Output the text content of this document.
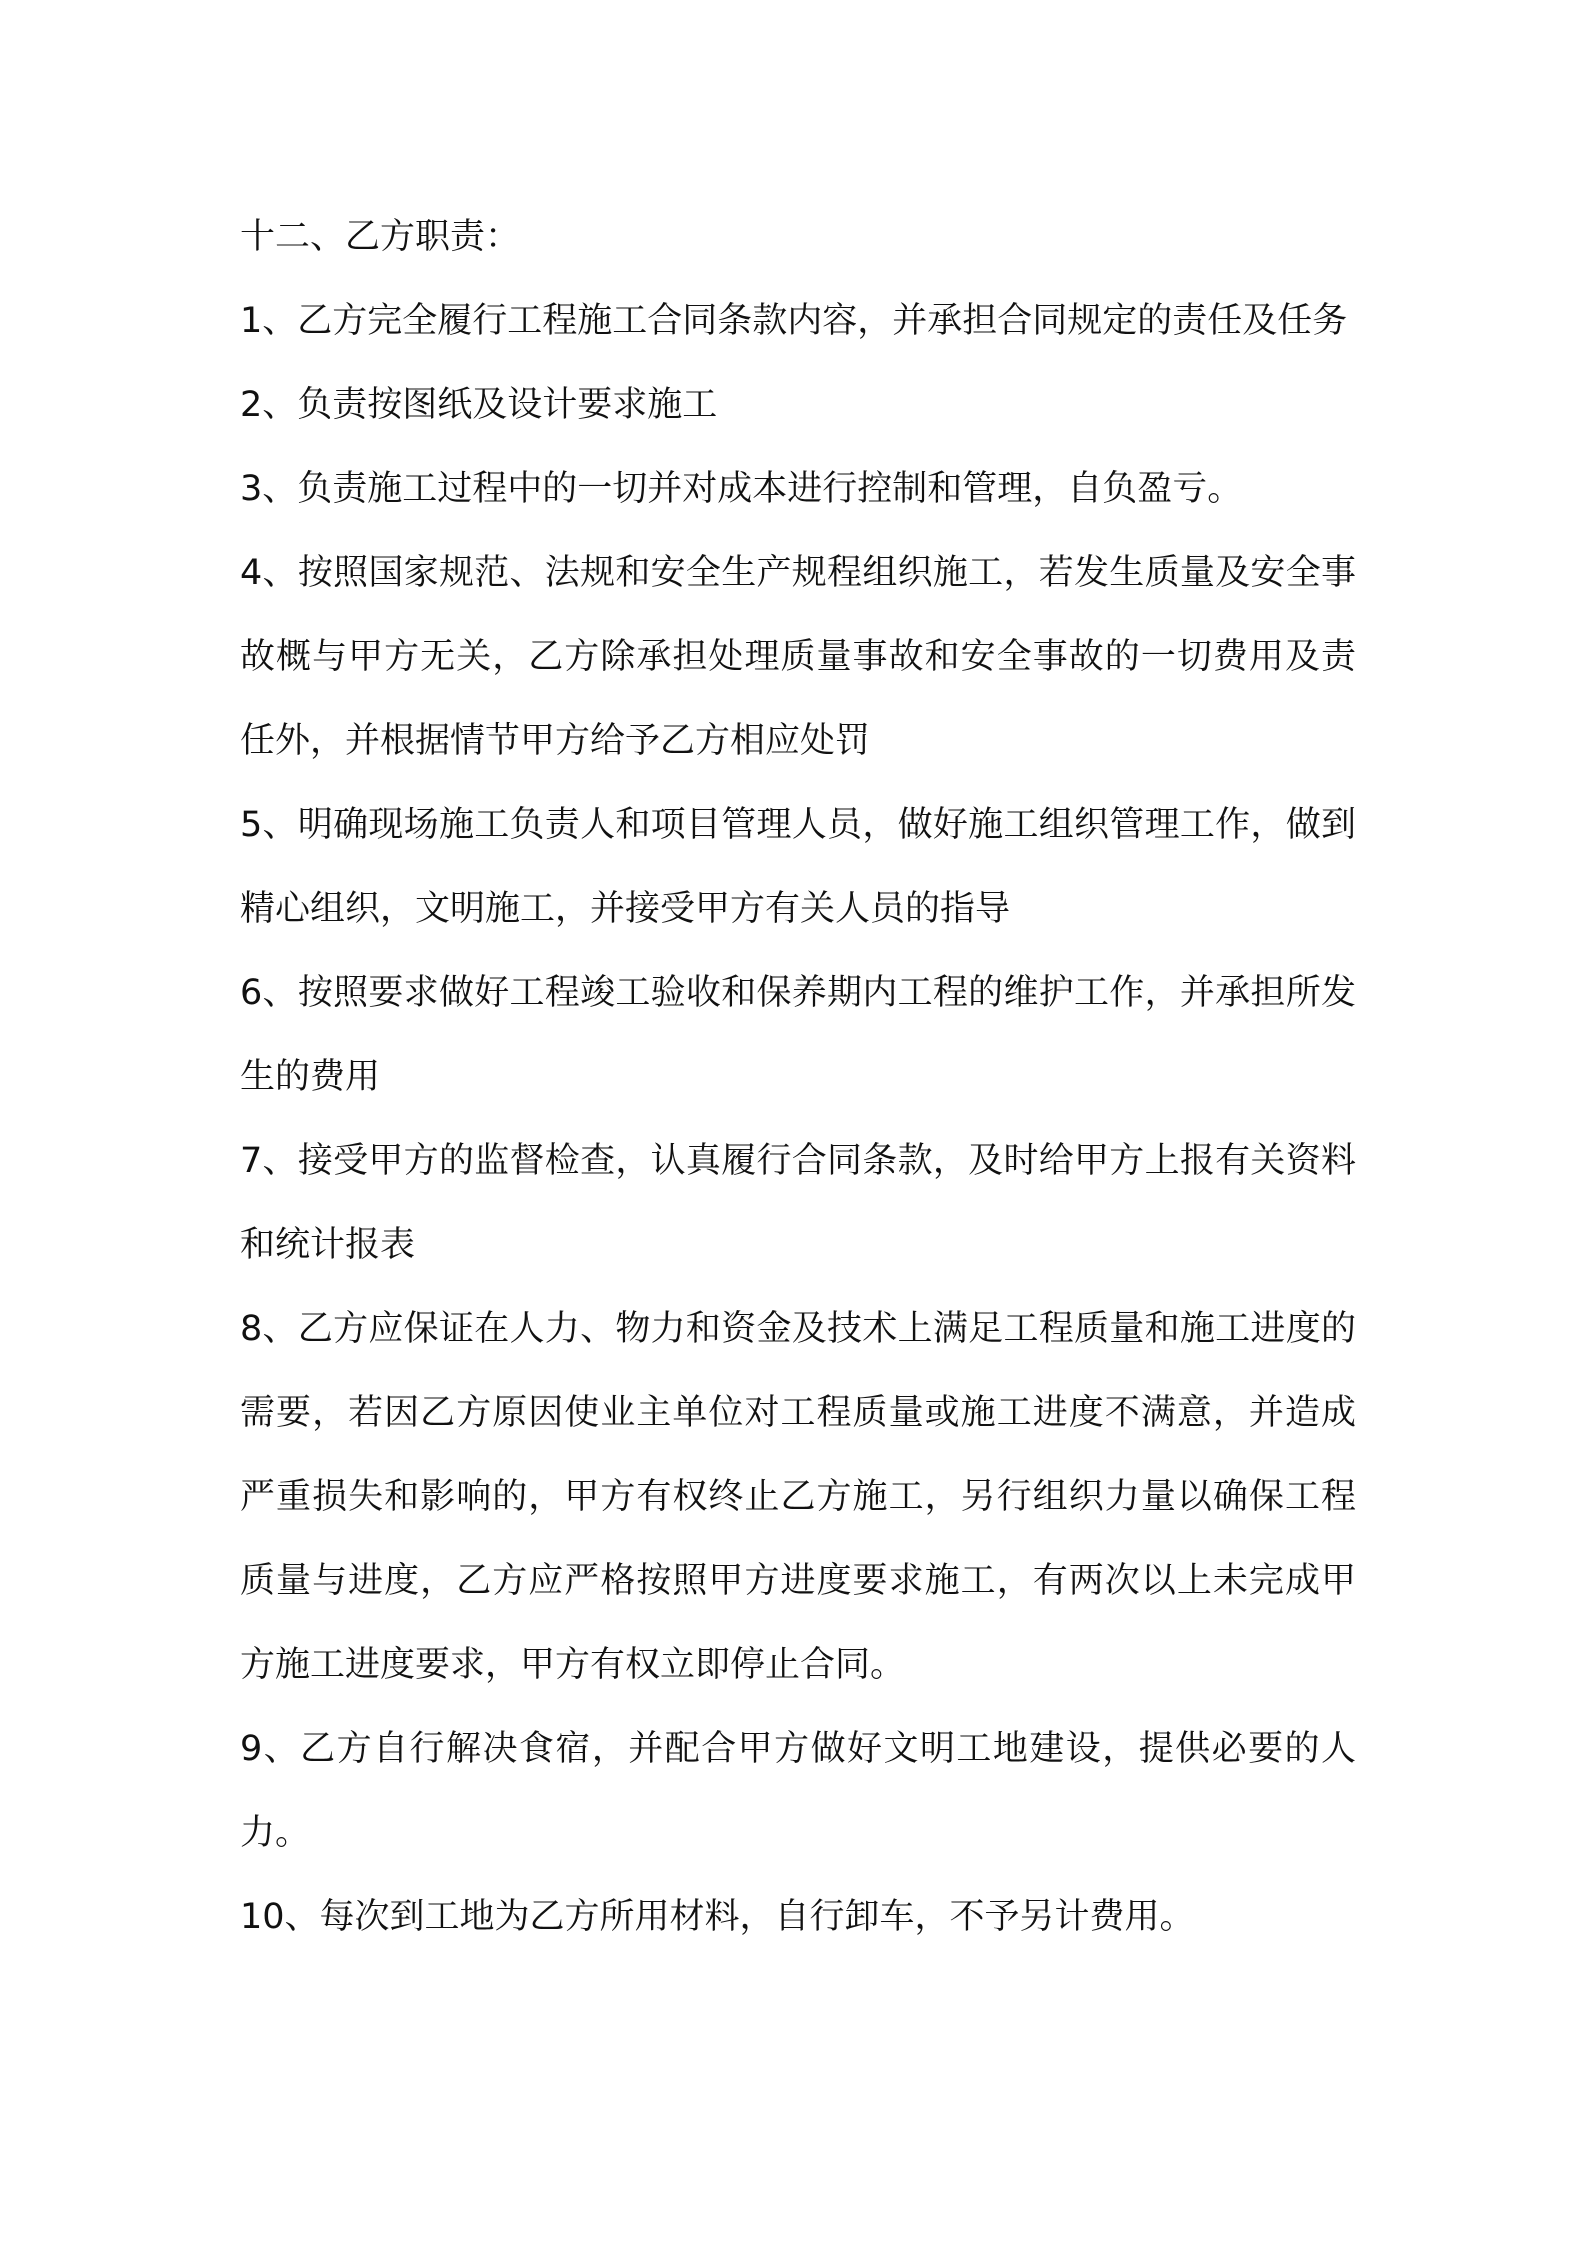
十二、乙方职责：

1、乙方完全履行工程施工合同条款内容，并承担合同规定的责任及任务

2、负责按图纸及设计要求施工

3、负责施工过程中的一切并对成本进行控制和管理，自负盈亏。

4、按照国家规范、法规和安全生产规程组织施工，若发生质量及安全事故概与甲方无关，乙方除承担处理质量事故和安全事故的一切费用及责任外，并根据情节甲方给予乙方相应处罚

5、明确现场施工负责人和项目管理人员，做好施工组织管理工作，做到精心组织，文明施工，并接受甲方有关人员的指导

6、按照要求做好工程竣工验收和保养期内工程的维护工作，并承担所发生的费用

7、接受甲方的监督检查，认真履行合同条款，及时给甲方上报有关资料和统计报表

8、乙方应保证在人力、物力和资金及技术上满足工程质量和施工进度的需要，若因乙方原因使业主单位对工程质量或施工进度不满意，并造成严重损失和影响的，甲方有权终止乙方施工，另行组织力量以确保工程质量与进度，乙方应严格按照甲方进度要求施工，有两次以上未完成甲方施工进度要求，甲方有权立即停止合同。

9、乙方自行解决食宿，并配合甲方做好文明工地建设，提供必要的人力。

10、每次到工地为乙方所用材料，自行卸车，不予另计费用。
